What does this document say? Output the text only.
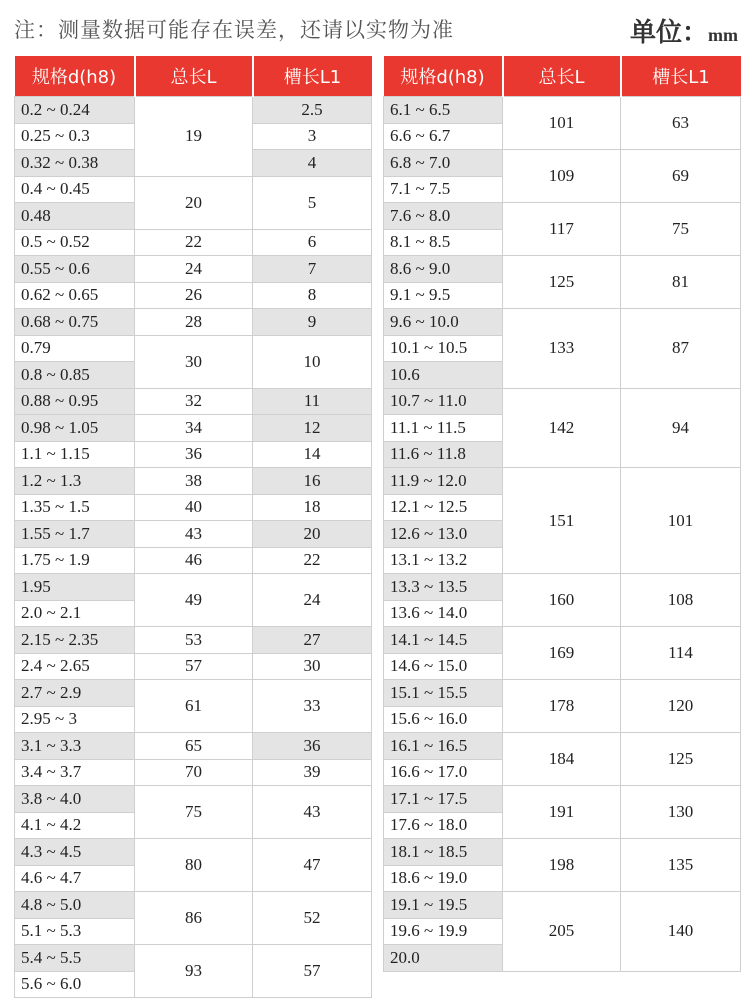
注：测量数据可能存在误差，还请以实物为准	单位：mm
规格d(h8)	总长L	槽长L1
0.2 ~ 0.24	19	2.5
0.25 ~ 0.3		3
0.32 ~ 0.38		4
0.4 ~ 0.45	20	5
0.48		
0.5 ~ 0.52	22	6
0.55 ~ 0.6	24	7
0.62 ~ 0.65	26	8
0.68 ~ 0.75	28	9
0.79	30	10
0.8 ~ 0.85		
0.88 ~ 0.95	32	11
0.98 ~ 1.05	34	12
1.1 ~ 1.15	36	14
1.2 ~ 1.3	38	16
1.35 ~ 1.5	40	18
1.55 ~ 1.7	43	20
1.75 ~ 1.9	46	22
1.95	49	24
2.0 ~ 2.1		
2.15 ~ 2.35	53	27
2.4 ~ 2.65	57	30
2.7 ~ 2.9	61	33
2.95 ~ 3		
3.1 ~ 3.3	65	36
3.4 ~ 3.7	70	39
3.8 ~ 4.0	75	43
4.1 ~ 4.2		
4.3 ~ 4.5	80	47
4.6 ~ 4.7		
4.8 ~ 5.0	86	52
5.1 ~ 5.3		
5.4 ~ 5.5	93	57
5.6 ~ 6.0		
规格d(h8)	总长L	槽长L1
6.1 ~ 6.5	101	63
6.6 ~ 6.7		
6.8 ~ 7.0	109	69
7.1 ~ 7.5		
7.6 ~ 8.0	117	75
8.1 ~ 8.5		
8.6 ~ 9.0	125	81
9.1 ~ 9.5		
9.6 ~ 10.0	133	87
10.1 ~ 10.5		
10.6		
10.7 ~ 11.0	142	94
11.1 ~ 11.5		
11.6 ~ 11.8		
11.9 ~ 12.0	151	101
12.1 ~ 12.5		
12.6 ~ 13.0		
13.1 ~ 13.2		
13.3 ~ 13.5	160	108
13.6 ~ 14.0		
14.1 ~ 14.5	169	114
14.6 ~ 15.0		
15.1 ~ 15.5	178	120
15.6 ~ 16.0		
16.1 ~ 16.5	184	125
16.6 ~ 17.0		
17.1 ~ 17.5	191	130
17.6 ~ 18.0		
18.1 ~ 18.5	198	135
18.6 ~ 19.0		
19.1 ~ 19.5	205	140
19.6 ~ 19.9		
20.0		
